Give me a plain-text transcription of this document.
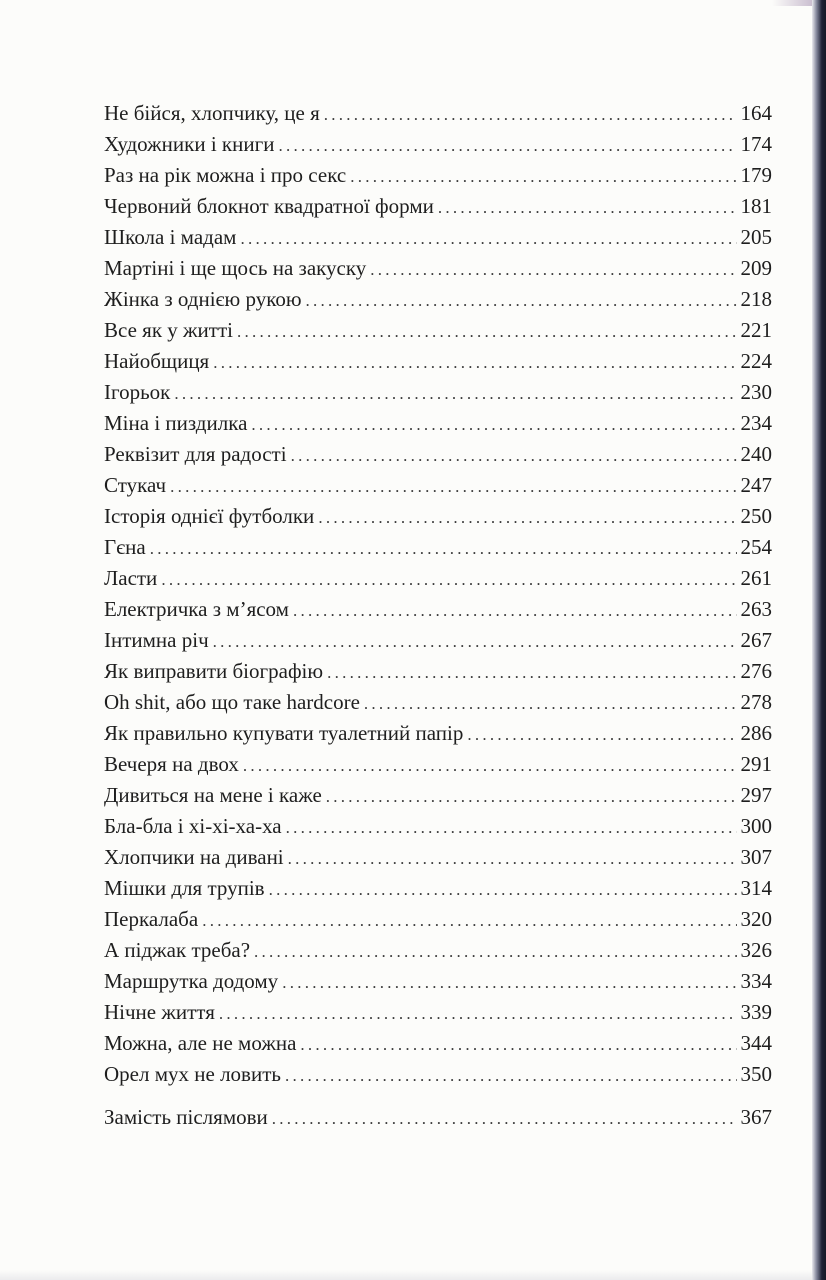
Не бійся, хлопчику, це я . . .	164
Художники і книги . . .	174
Раз на рік можна і про секс . . .	179
Червоний блокнот квадратної форми . . .	181
Школа і мадам . . .	205
Мартіні і ще щось на закуску . . .	209
Жінка з однією рукою . . .	218
Все як у житті . . .	221
Найобщиця . . .	224
Ігорьок . . .	230
Міна і пиздилка . . .	234
Реквізит для радості . . .	240
Стукач . . .	247
Історія однієї футболки . . .	250
Гєна . . .	254
Ласти . . .	261
Електричка з м’ясом . . .	263
Інтимна річ . . .	267
Як виправити біографію . . .	276
Oh shit, або що таке hardcore . . .	278
Як правильно купувати туалетний папір . . .	286
Вечеря на двох . . .	291
Дивиться на мене і каже . . .	297
Бла-бла і хі-хі-ха-ха . . .	300
Хлопчики на дивані . . .	307
Мішки для трупів . . .	314
Перкалаба . . .	320
А піджак треба? . . .	326
Маршрутка додому . . .	334
Нічне життя . . .	339
Можна, але не можна . . .	344
Орел мух не ловить . . .	350
Замість післямови . . .	367
